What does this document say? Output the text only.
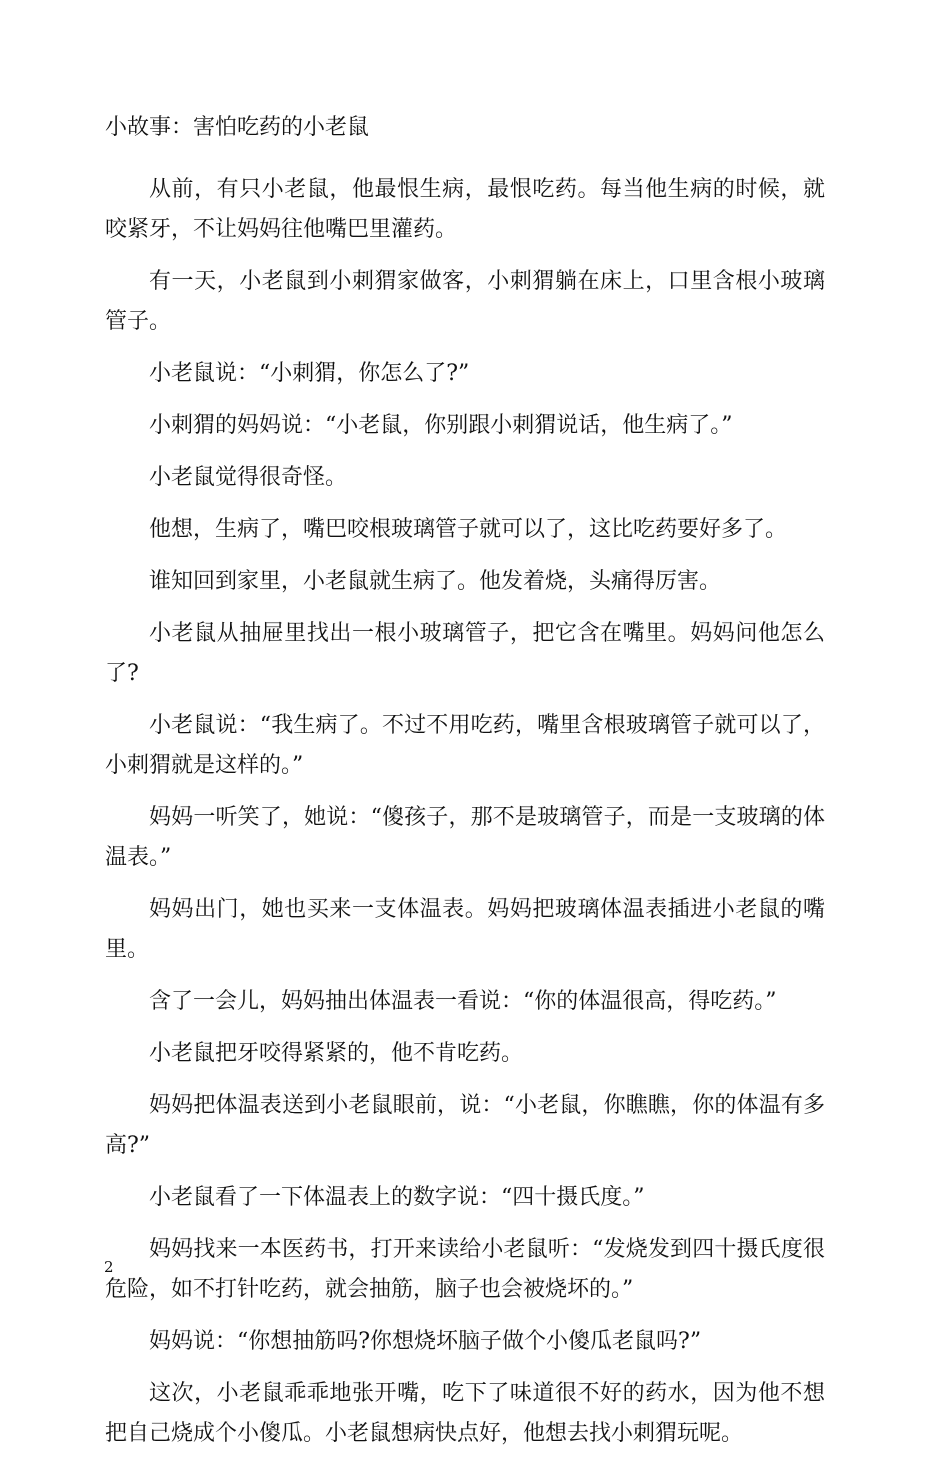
小故事：害怕吃药的小老鼠

从前，有只小老鼠，他最恨生病，最恨吃药。每当他生病的时候，就咬紧牙，不让妈妈往他嘴巴里灌药。

有一天，小老鼠到小刺猬家做客，小刺猬躺在床上，口里含根小玻璃管子。

小老鼠说：“小刺猬，你怎么了?”

小刺猬的妈妈说：“小老鼠，你别跟小刺猬说话，他生病了。”

小老鼠觉得很奇怪。

他想，生病了，嘴巴咬根玻璃管子就可以了，这比吃药要好多了。

谁知回到家里，小老鼠就生病了。他发着烧，头痛得厉害。

小老鼠从抽屉里找出一根小玻璃管子，把它含在嘴里。妈妈问他怎么了?

小老鼠说：“我生病了。不过不用吃药，嘴里含根玻璃管子就可以了，小刺猬就是这样的。”

妈妈一听笑了，她说：“傻孩子，那不是玻璃管子，而是一支玻璃的体温表。”

妈妈出门，她也买来一支体温表。妈妈把玻璃体温表插进小老鼠的嘴里。

含了一会儿，妈妈抽出体温表一看说：“你的体温很高，得吃药。”

小老鼠把牙咬得紧紧的，他不肯吃药。

妈妈把体温表送到小老鼠眼前，说：“小老鼠，你瞧瞧，你的体温有多高?”

小老鼠看了一下体温表上的数字说：“四十摄氏度。”

妈妈找来一本医药书，打开来读给小老鼠听：“发烧发到四十摄氏度很危险，如不打针吃药，就会抽筋，脑子也会被烧坏的。”

妈妈说：“你想抽筋吗?你想烧坏脑子做个小傻瓜老鼠吗?”

这次，小老鼠乖乖地张开嘴，吃下了味道很不好的药水，因为他不想把自己烧成个小傻瓜。小老鼠想病快点好，他想去找小刺猬玩呢。

2
